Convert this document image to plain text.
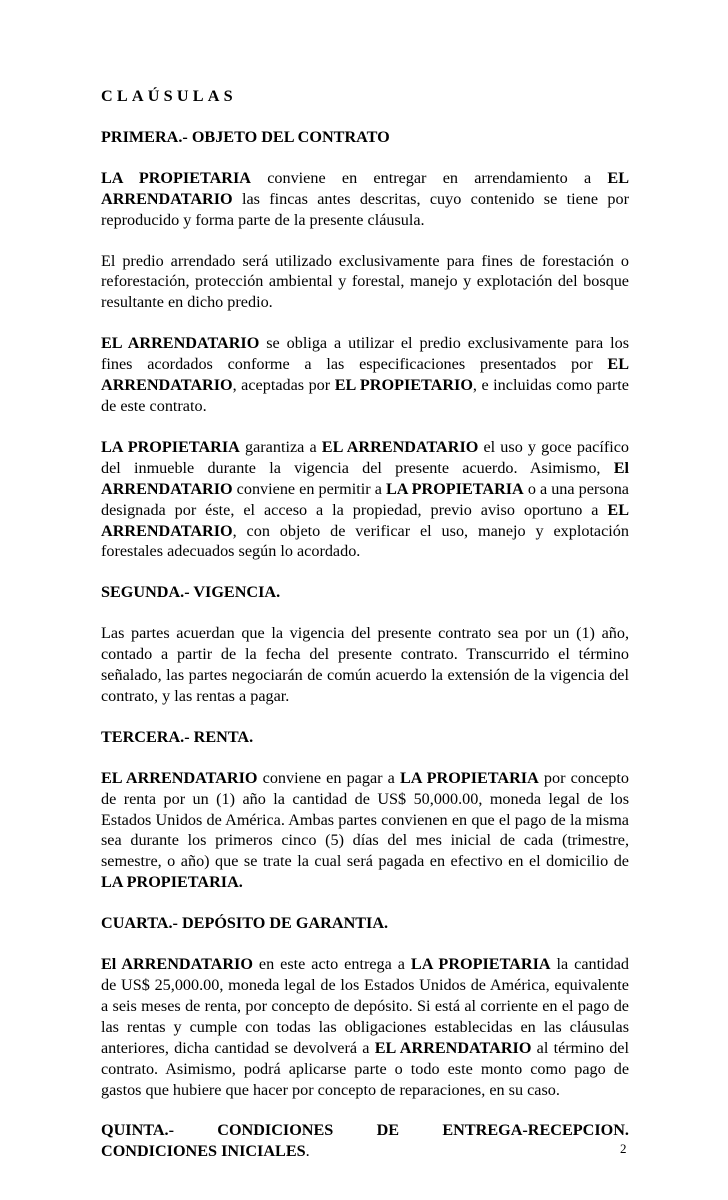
CLAÚSULAS
PRIMERA.- OBJETO DEL CONTRATO

LA PROPIETARIA conviene en entregar en arrendamiento a EL ARRENDATARIO las fincas antes descritas, cuyo contenido se tiene por reproducido y forma parte de la presente cláusula.

El predio arrendado será utilizado exclusivamente para fines de forestación o reforestación, protección ambiental y forestal, manejo y explotación del bosque resultante en dicho predio.

EL ARRENDATARIO se obliga a utilizar el predio exclusivamente para los fines acordados conforme a las especificaciones presentados por EL ARRENDATARIO, aceptadas por EL PROPIETARIO, e incluidas como parte de este contrato.

LA PROPIETARIA garantiza a EL ARRENDATARIO el uso y goce pacífico del inmueble durante la vigencia del presente acuerdo. Asimismo, El ARRENDATARIO conviene en permitir a LA PROPIETARIA o a una persona designada por éste, el acceso a la propiedad, previo aviso oportuno a EL ARRENDATARIO, con objeto de verificar el uso, manejo y explotación forestales adecuados según lo acordado.

SEGUNDA.- VIGENCIA.

Las partes acuerdan que la vigencia del presente contrato sea por un (1) año, contado a partir de la fecha del presente contrato. Transcurrido el término señalado, las partes negociarán de común acuerdo la extensión de la vigencia del contrato, y las rentas a pagar.

TERCERA.- RENTA.

EL ARRENDATARIO conviene en pagar a LA PROPIETARIA por concepto de renta por un (1) año la cantidad de US$ 50,000.00, moneda legal de los Estados Unidos de América. Ambas partes convienen en que el pago de la misma sea durante los primeros cinco (5) días del mes inicial de cada (trimestre, semestre, o año) que se trate la cual será pagada en efectivo en el domicilio de LA PROPIETARIA.

CUARTA.- DEPÓSITO DE GARANTIA.

El ARRENDATARIO en este acto entrega a LA PROPIETARIA la cantidad de US$ 25,000.00, moneda legal de los Estados Unidos de América, equivalente a seis meses de renta, por concepto de depósito. Si está al corriente en el pago de las rentas y cumple con todas las obligaciones establecidas en las cláusulas anteriores, dicha cantidad se devolverá a EL ARRENDATARIO al término del contrato. Asimismo, podrá aplicarse parte o todo este monto como pago de gastos que hubiere que hacer por concepto de reparaciones, en su caso.

QUINTA.-	CONDICIONES	DE	ENTREGA-RECEPCION.
CONDICIONES INICIALES.	2
